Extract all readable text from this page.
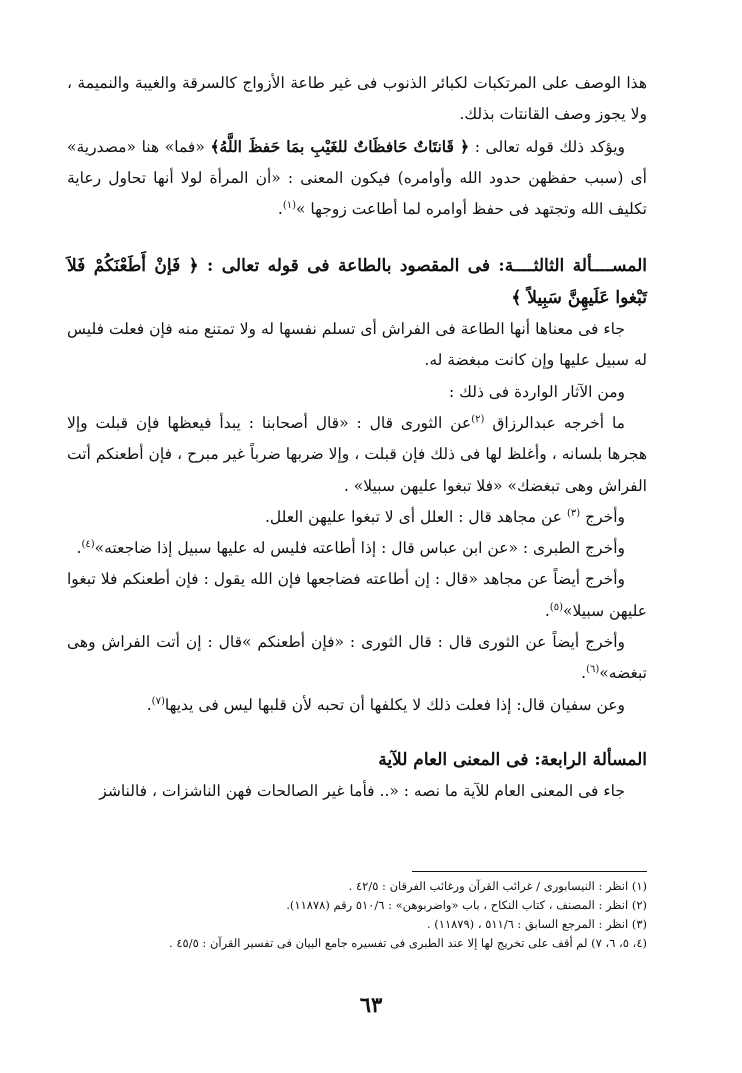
هذا الوصف على المرتكبات لكبائر الذنوب فى غير طاعة الأزواج كالسرقة والغيبة والنميمة ، ولا يجوز وصف القانتات بذلك.

ويؤكد ذلك قوله تعالى : ﴿ قَانتَاتٌ حَافظَاتٌ للغَيْبِ بمَا حَفظَ اللَّهُ﴾ «فما» هنا «مصدرية» أى (سبب حفظهن حدود الله وأوامره) فيكون المعنى : «أن المرأة لولا أنها تحاول رعاية تكليف الله وتجتهد فى حفظ أوامره لما أطاعت زوجها »$^{(١)}$.

المســــألة الثالثــــة: فى المقصود بالطاعة فى قوله تعالى : ﴿ فَإنْ أَطَعْنَكُمْ فَلاَ تَبْغوا عَلَيهِنَّ سَبِيلاً ﴾

جاء فى معناها أنها الطاعة فى الفراش أى تسلم نفسها له ولا تمتنع منه فإن فعلت فليس له سبيل عليها وإن كانت مبغضة له.

ومن الآثار الواردة فى ذلك :

ما أخرجه عبدالرزاق $^{(٢)}$عن الثورى قال : «قال أصحابنا : يبدأ فيعظها فإن قبلت وإلا هجرها بلسانه ، وأغلظ لها فى ذلك فإن قبلت ، وإلا ضربها ضرباً غير مبرح ، فإن أطعنكم أتت الفراش وهى تبغضك» «فلا تبغوا عليهن سبيلا» .

وأخرج $^{(٣)}$ عن مجاهد قال : العلل أى لا تبغوا عليهن العلل.

وأخرج الطبرى : «عن ابن عباس قال : إذا أطاعته فليس له عليها سبيل إذا ضاجعته»$^{(٤)}$.

وأخرج أيضاً عن مجاهد «قال : إن أطاعته فضاجعها فإن الله يقول : فإن أطعنكم فلا تبغوا عليهن سبيلا»$^{(٥)}$.

وأخرج أيضاً عن الثورى قال : قال الثورى : «فإن أطعنكم »قال : إن أتت الفراش وهى تبغضه»$^{(٦)}$.

وعن سفيان قال: إذا فعلت ذلك لا يكلفها أن تحبه لأن قلبها ليس فى يديها$^{(٧)}$.

المسألة الرابعة: فى المعنى العام للآية

جاء فى المعنى العام للآية ما نصه : «.. فأما غير الصالحات فهن الناشزات ، فالناشز

(١) انظر : النيسابورى / غرائب القرآن ورغائب الفرقان : ٤٢/٥ .

(٢) انظر : المصنف ، كتاب النكاح ، باب «واضربوهن» : ٥١٠/٦ رقم (١١٨٧٨).

(٣) انظر : المرجع السابق : ٥١١/٦ ، (١١٨٧٩) .

(٤، ٥، ٦، ٧) لم أقف على تخريج لها إلا عند الطبرى فى تفسيره جامع البيان فى تفسير القرآن : ٤٥/٥ .

٦٣
